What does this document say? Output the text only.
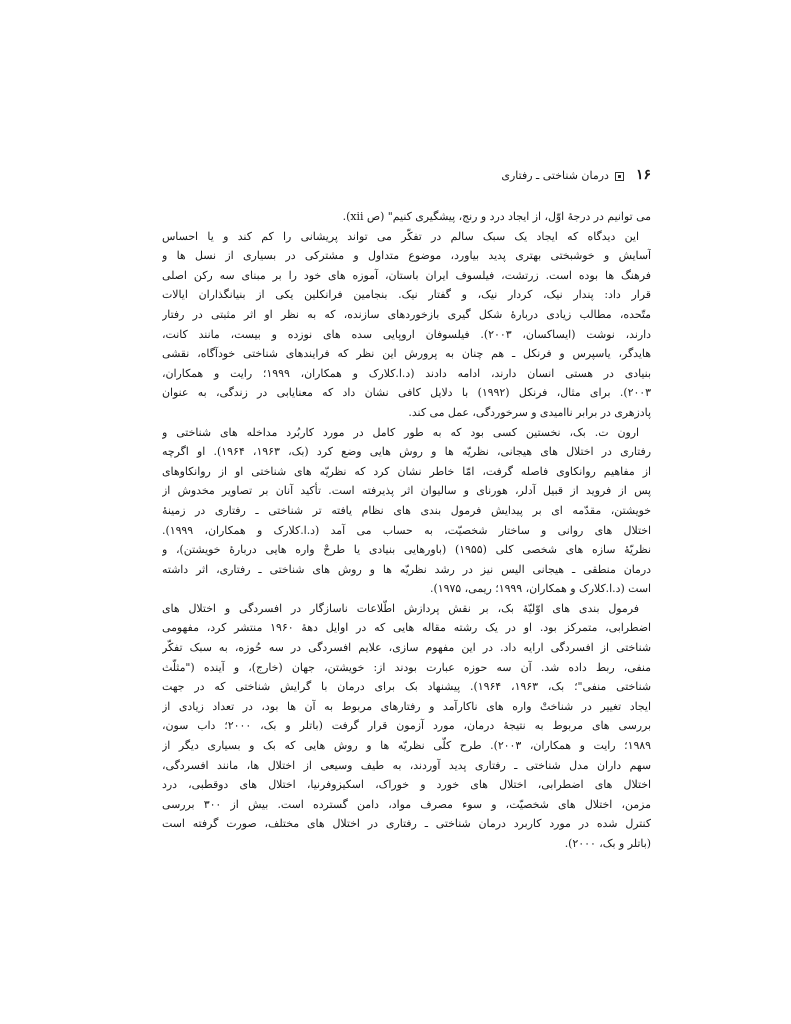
۱۶درمان شناختی ـ رفتاری
می توانیم در درجهٔ اوّل، از ایجاد درد و رنج، پیشگیری کنیم" (ص xii).
این دیدگاه که ایجاد یک سبک سالم در تفکّر می تواند پریشانی را کم کند و یا احساس
آسایش و خوشبختی بهتری پدید بیاورد، موضوع متداول و مشترکی در بسیاری از نسل ها و
فرهنگ ها بوده است. زرتشت، فیلسوف ایران باستان، آموزه های خود را بر مبنای سه رکن اصلی
قرار داد: پندار نیک، کردار نیک، و گفتار نیک. بنجامین فرانکلین یکی از بنیانگذاران ایالات
متّحده، مطالب زیادی دربارهٔ شکل گیری بازخوردهای سازنده، که به نظر او اثر مثبتی در رفتار
دارند، نوشت (ایساکسان، ۲۰۰۳). فیلسوفان اروپایی سده های نوزده و بیست، مانند کانت،
هایدگر، یاسپرس و فرنکل ـ هم چنان به پرورش این نظر که فرایندهای شناختی خودآگاه، نقشی
بنیادی در هستی انسان دارند، ادامه دادند (د.ا.کلارک و همکاران، ۱۹۹۹؛ رایت و همکاران،
۲۰۰۳). برای مثال، فرنکل (۱۹۹۲) با دلایل کافی نشان داد که معنایابی در زندگی، به عنوان
پادزهری در برابر ناامیدی و سرخوردگی، عمل می کند.
ارون ت. بک، نخستین کسی بود که به طور کامل در مورد کاربُرد مداخله های شناختی و
رفتاری در اختلال های هیجانی، نظریّه ها و روش هایی وضع کرد (بک، ۱۹۶۳، ۱۹۶۴). او اگرچه
از مفاهیم روانکاوی فاصله گرفت، امّا خاطر نشان کرد که نظریّه های شناختی او از روانکاوهای
پس از فروید از قبیل آدلر، هورنای و سالیوان اثر پذیرفته است. تأکید آنان بر تصاویر مخدوش از
خویشتن، مقدّمه ای بر پیدایش فرمول بندی های نظام یافته تر شناختی ـ رفتاری در زمینهٔ
اختلال های روانی و ساختار شخصیّت، به حساب می آمد (د.ا.کلارک و همکاران، ۱۹۹۹).
نظریّهٔ سازه های شخصی کلی (۱۹۵۵) (باورهایی بنیادی یا طرحْ واره هایی دربارهٔ خویشتن)، و
درمان منطقی ـ هیجانی الیس نیز در رشد نظریّه ها و روش های شناختی ـ رفتاری، اثر داشته
است (د.ا.کلارک و همکاران، ۱۹۹۹؛ ریمی، ۱۹۷۵).
فرمول بندی های اوّلیّهٔ بک، بر نقش پردازش اطّلاعات ناسازگار در افسردگی و اختلال های
اضطرابی، متمرکز بود. او در یک رشته مقاله هایی که در اوایل دههٔ ۱۹۶۰ منتشر کرد، مفهومی
شناختی از افسردگی ارایه داد. در این مفهوم سازی، علایم افسردگی در سه حُوزه، به سبک تفکّر
منفی، ربط داده شد. آن سه حوزه عبارت بودند از: خویشتن، جهان (خارج)، و آینده ("مثلّث
شناختی منفی"؛ بک، ۱۹۶۳، ۱۹۶۴). پیشنهاد بک برای درمان با گرایش شناختی که در جهت
ایجاد تغییر در شناختْ واره های ناکارآمد و رفتارهای مربوط به آن ها بود، در تعداد زیادی از
بررسی های مربوط به نتیجهٔ درمان، مورد آزمون قرار گرفت (باتلر و بک، ۲۰۰۰؛ داب سون،
۱۹۸۹؛ رایت و همکاران، ۲۰۰۳). طرح کلّی نظریّه ها و روش هایی که بک و بسیاری دیگر از
سهم داران مدل شناختی ـ رفتاری پدید آوردند، به طیف وسیعی از اختلال ها، مانند افسردگی،
اختلال های اضطرابی، اختلال های خورد و خوراک، اسکیزوفرنیا، اختلال های دوقطبی، درد
مزمن، اختلال های شخصیّت، و سوء مصرف مواد، دامن گسترده است. بیش از ۳۰۰ بررسی
کنترل شده در مورد کاربرد درمان شناختی ـ رفتاری در اختلال های مختلف، صورت گرفته است
(باتلر و بک، ۲۰۰۰).
